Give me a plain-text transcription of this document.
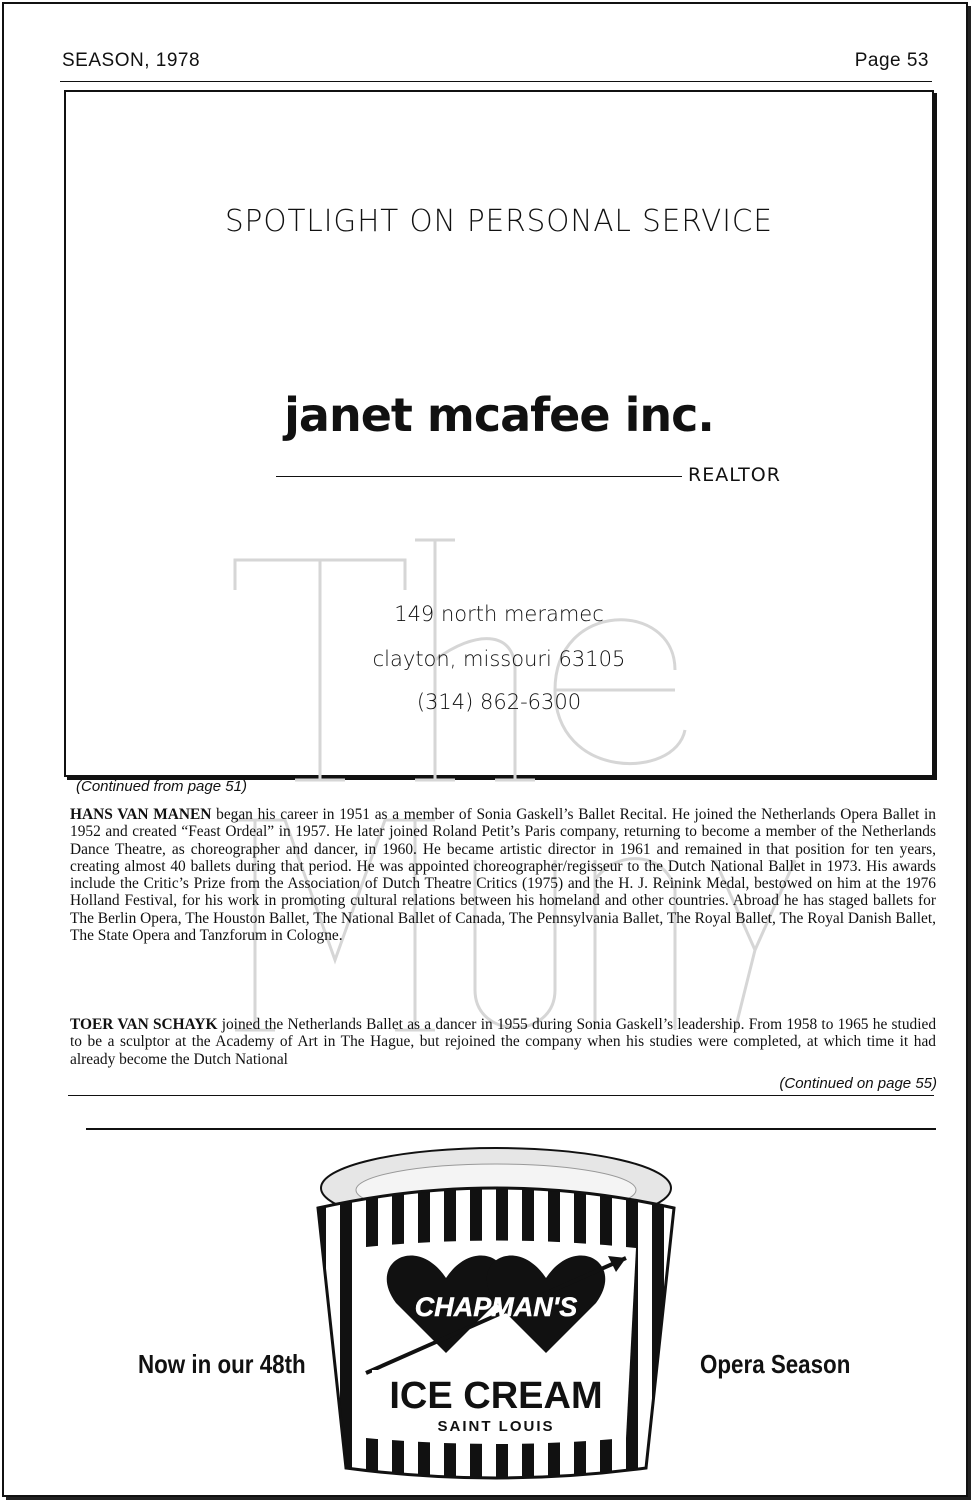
SEASON, 1978	Page 53
SPOTLIGHT ON PERSONAL SERVICE
janet mcafee inc.
REALTOR
149 north meramec
clayton, missouri 63105
(314) 862-6300
(Continued from page 51)

HANS VAN MANEN began his career in 1951 as a member of Sonia Gaskell’s Ballet Recital. He joined the Netherlands Opera Ballet in 1952 and created “Feast Ordeal” in 1957. He later joined Roland Petit’s Paris company, returning to become a member of the Netherlands Dance Theatre, as choreographer and dancer, in 1960. He became artistic director in 1961 and remained in that position for ten years, creating almost 40 ballets during that period. He was appointed choreographer/regisseur to the Dutch National Ballet in 1973. His awards include the Critic’s Prize from the Association of Dutch Theatre Critics (1975) and the H. J. Reinink Medal, bestowed on him at the 1976 Holland Festival, for his work in promoting cultural relations between his homeland and other countries. Abroad he has staged ballets for The Berlin Opera, The Houston Ballet, The National Ballet of Canada, The Pennsylvania Ballet, The Royal Ballet, The Royal Danish Ballet, The State Opera and Tanzforum in Cologne.

TOER VAN SCHAYK joined the Netherlands Ballet as a dancer in 1955 during Sonia Gaskell’s leadership. From 1958 to 1965 he studied to be a sculptor at the Academy of Art in The Hague, but rejoined the company when his studies were completed, at which time it had already become the Dutch National

(Continued on page 55)
Now in our 48th	Opera Season
CHAPMAN'S
ICE CREAM
SAINT LOUIS
